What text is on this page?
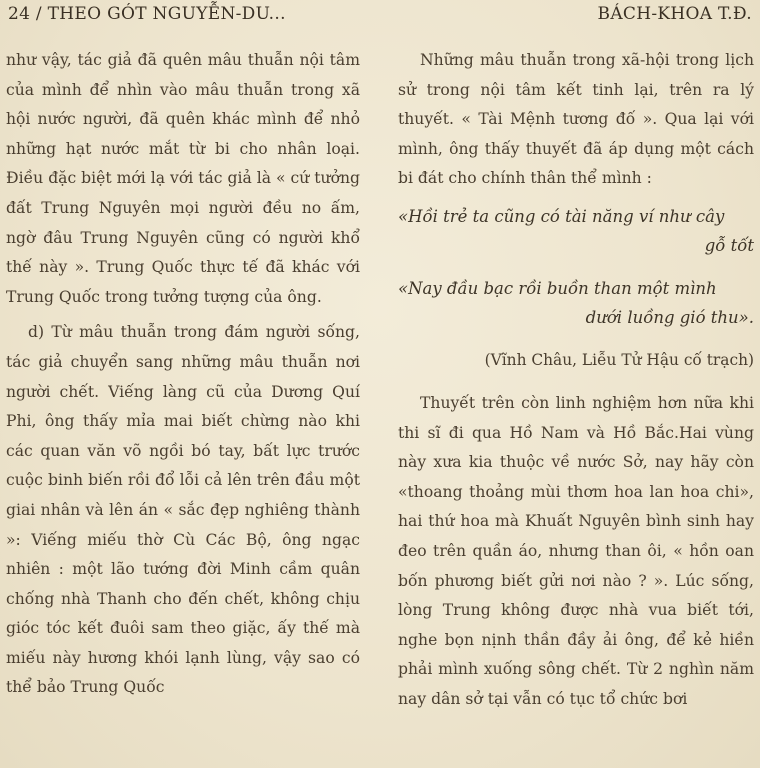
24 / THEO GÓT NGUYỄN-DU...	BÁCH-KHOA T.Đ.

như vậy, tác giả đã quên mâu thuẫn nội tâm của mình để nhìn vào mâu thuẫn trong xã hội nước người, đã quên khác mình để nhỏ những hạt nước mắt từ bi cho nhân loại. Điều đặc biệt mới lạ với tác giả là « cứ tưởng đất Trung Nguyên mọi người đều no ấm, ngờ đâu Trung Nguyên cũng có người khổ thế này ». Trung Quốc thực tế đã khác với Trung Quốc trong tưởng tượng của ông.

d) Từ mâu thuẫn trong đám người sống, tác giả chuyển sang những mâu thuẫn nơi người chết. Viếng làng cũ của Dương Quí Phi, ông thấy mỉa mai biết chừng nào khi các quan văn võ ngồi bó tay, bất lực trước cuộc binh biến rồi đổ lỗi cả lên trên đầu một giai nhân và lên án « sắc đẹp nghiêng thành »: Viếng miếu thờ Cù Các Bộ, ông ngạc nhiên : một lão tướng đời Minh cầm quân chống nhà Thanh cho đến chết, không chịu gióc tóc kết đuôi sam theo giặc, ấy thế mà miếu này hương khói lạnh lùng, vậy sao có thể bảo Trung Quốc

Những mâu thuẫn trong xã-hội trong lịch sử trong nội tâm kết tinh lại, trên ra lý thuyết. « Tài Mệnh tương đố ». Qua lại với mình, ông thấy thuyết đã áp dụng một cách bi đát cho chính thân thể mình :

«Hồi trẻ ta cũng có tài năng ví như cây
gỗ tốt

«Nay đầu bạc rồi buồn than một mình
dưới luồng gió thu».

(Vĩnh Châu, Liễu Tử Hậu cố trạch)

Thuyết trên còn linh nghiệm hơn nữa khi thi sĩ đi qua Hồ Nam và Hồ Bắc.Hai vùng này xưa kia thuộc về nước Sở, nay hãy còn «thoang thoảng mùi thơm hoa lan hoa chi», hai thứ hoa mà Khuất Nguyên bình sinh hay đeo trên quần áo, nhưng than ôi, « hồn oan bốn phương biết gửi nơi nào ? ». Lúc sống, lòng Trung không được nhà vua biết tới, nghe bọn nịnh thần đầy ải ông, để kẻ hiền phải mình xuống sông chết. Từ 2 nghìn năm nay dân sở tại vẫn có tục tổ chức bơi
